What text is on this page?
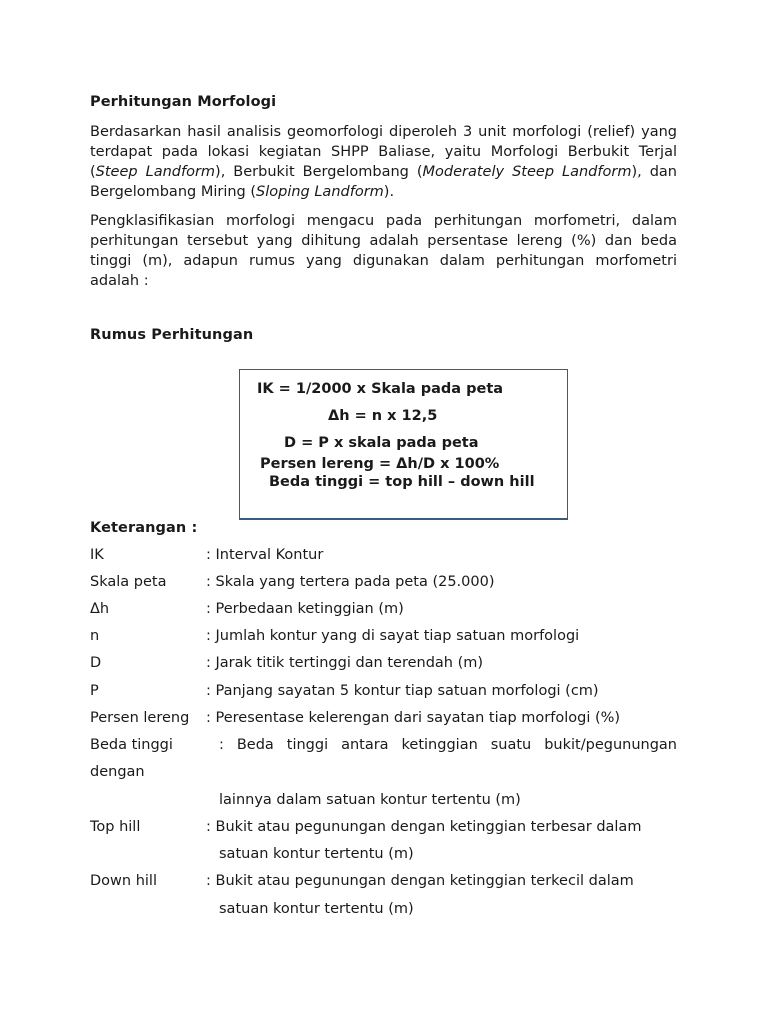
Perhitungan Morfologi

Berdasarkan hasil analisis geomorfologi diperoleh 3 unit morfologi (relief) yang terdapat pada lokasi kegiatan SHPP Baliase, yaitu Morfologi Berbukit Terjal (Steep Landform), Berbukit Bergelombang (Moderately Steep Landform), dan Bergelombang Miring (Sloping Landform).

Pengklasifikasian morfologi mengacu pada perhitungan morfometri, dalam perhitungan tersebut yang dihitung adalah persentase lereng (%) dan beda tinggi (m), adapun rumus yang digunakan dalam perhitungan morfometri adalah :

Rumus Perhitungan

IK = 1/2000 x Skala pada peta

Δh = n x 12,5

D = P x skala pada peta

Persen lereng = Δh/D x 100%

Beda tinggi = top hill – down hill

Keterangan :
IK	: Interval Kontur
Skala peta	: Skala yang tertera pada peta (25.000)
Δh	: Perbedaan ketinggian (m)
n	: Jumlah kontur yang di sayat tiap satuan morfologi
D	: Jarak titik tertinggi dan terendah (m)
P	: Panjang sayatan 5 kontur tiap satuan morfologi (cm)
Persen lereng : Peresentase kelerengan dari sayatan tiap morfologi (%)
Beda tinggi	: Beda tinggi antara ketinggian suatu bukit/pegunungan

dengan

lainnya dalam satuan kontur tertentu (m)

Top hill	: Bukit atau pegunungan dengan ketinggian terbesar dalam

satuan kontur tertentu (m)

Down hill	: Bukit atau pegunungan dengan ketinggian terkecil dalam

satuan kontur tertentu (m)
